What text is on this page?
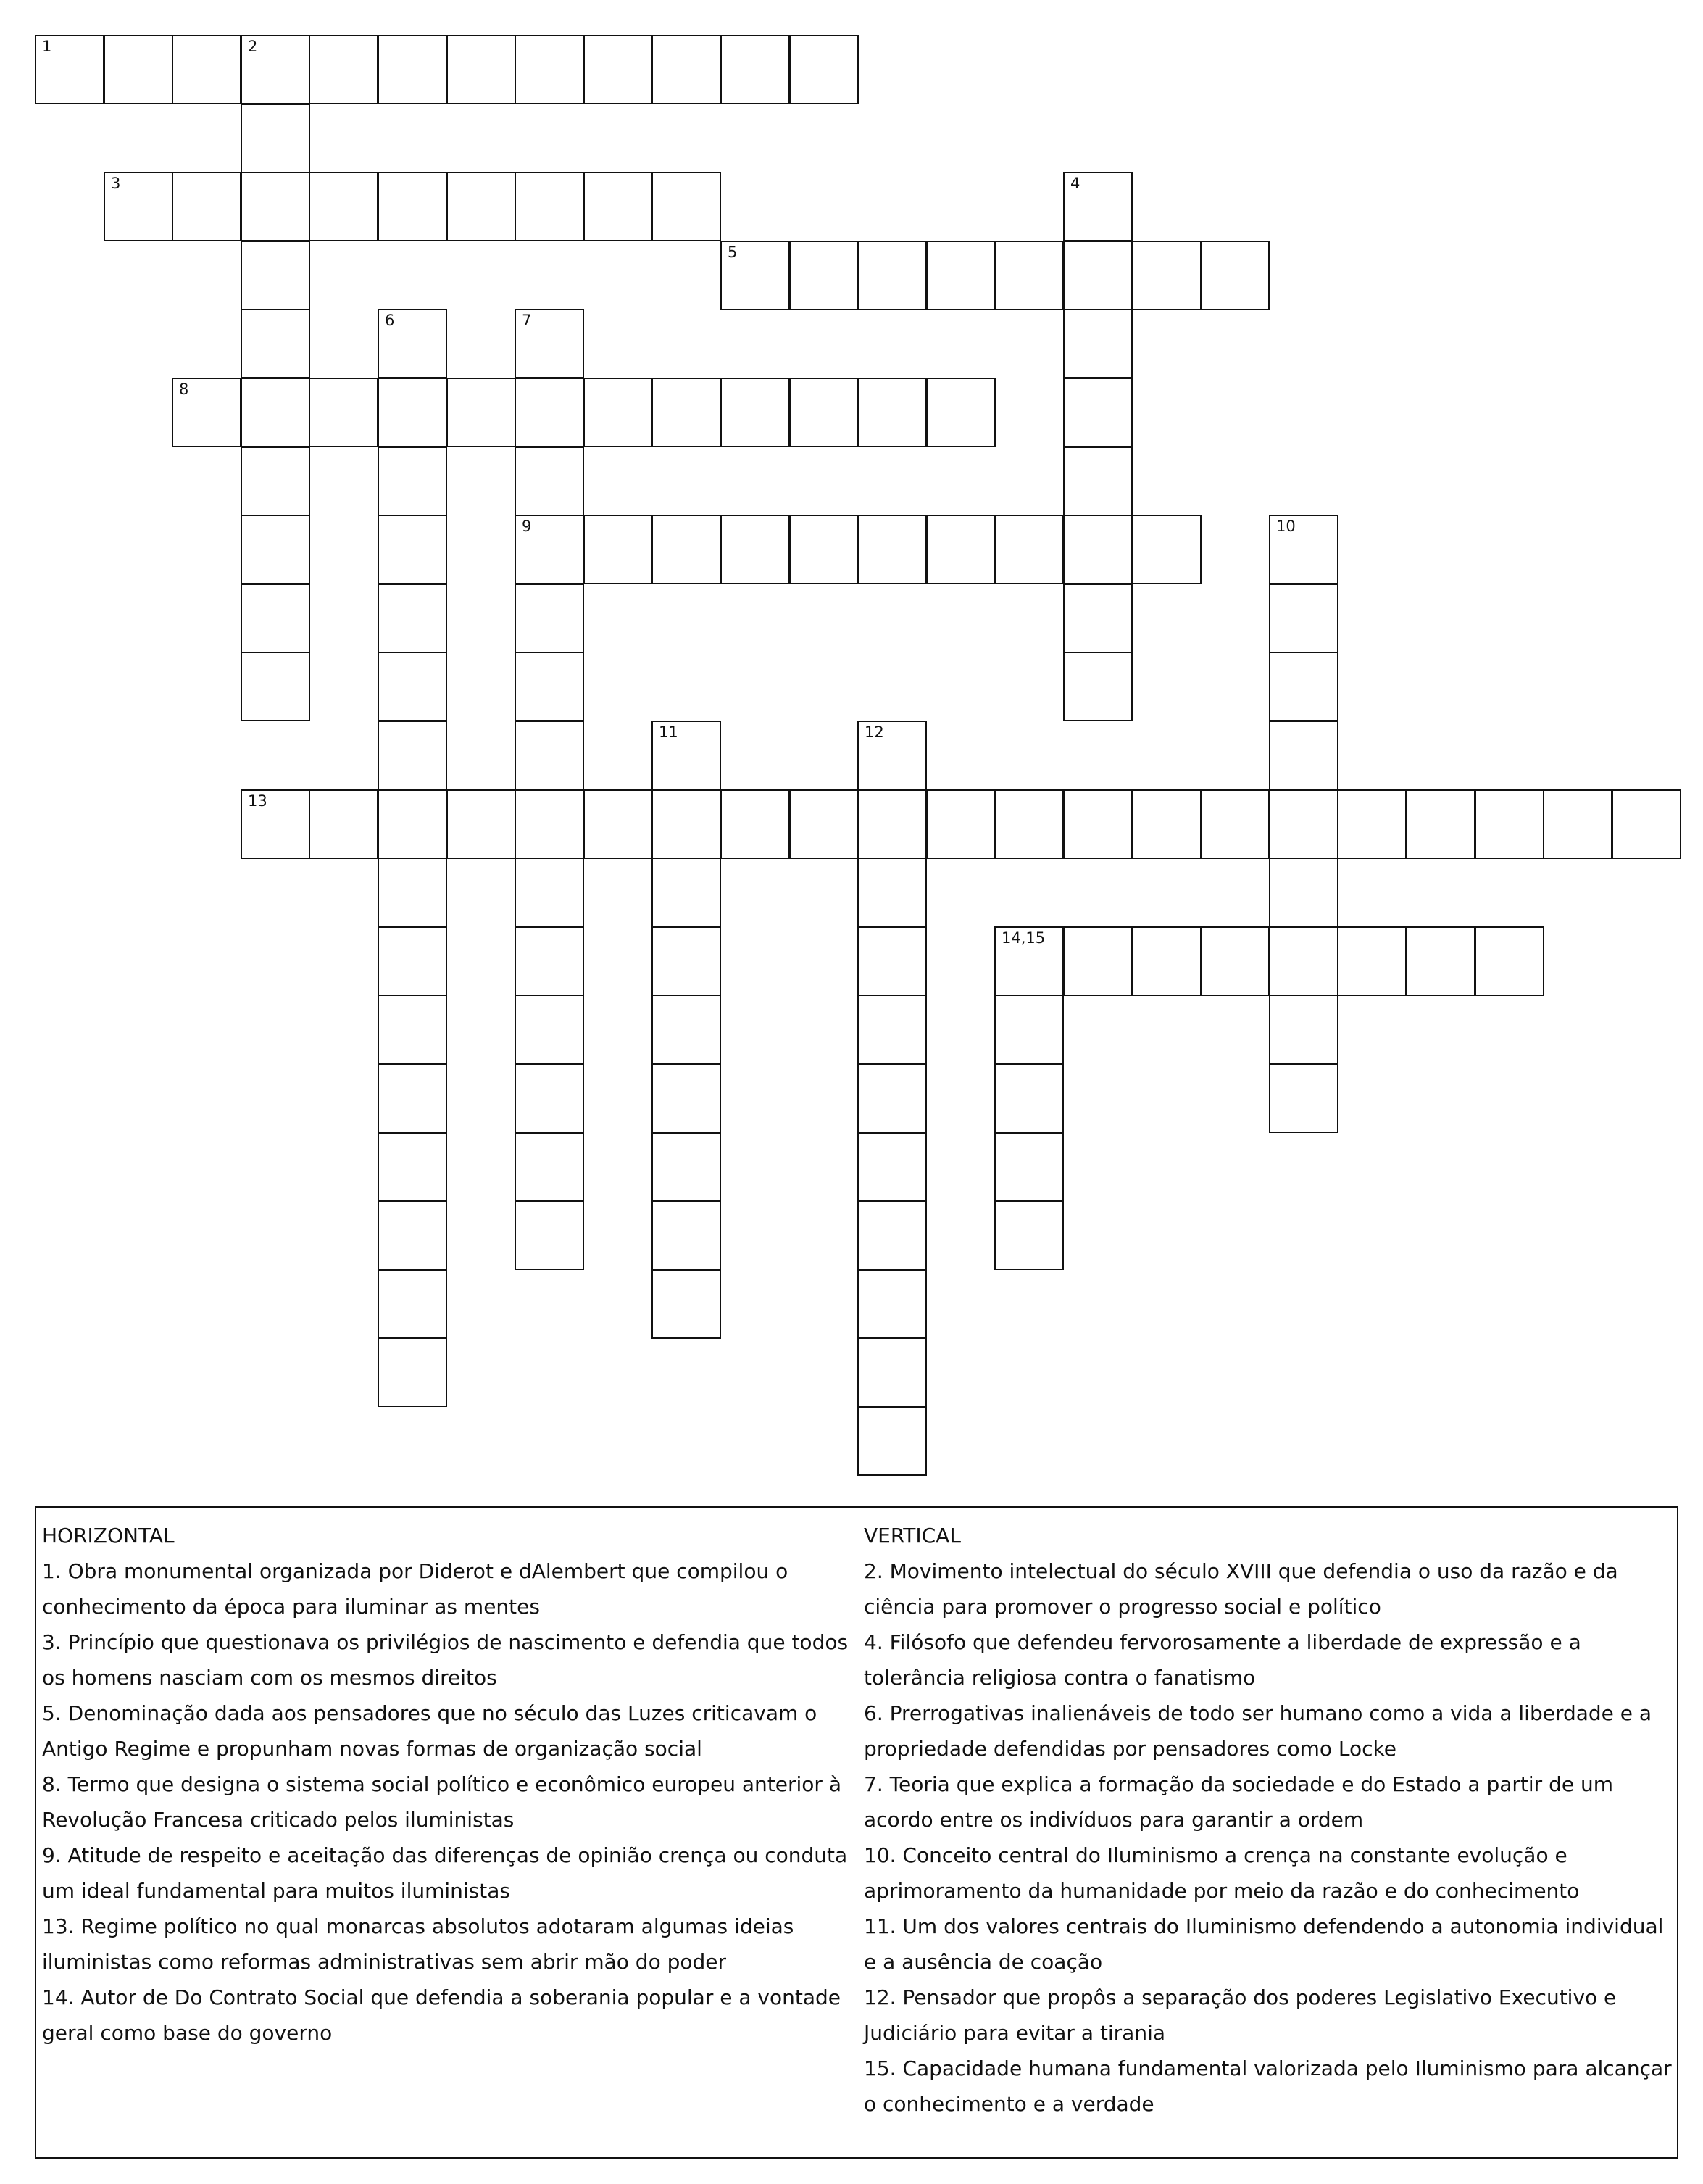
1	2
3	4
5
6	7
9
8
10
11	12
13
14,15
HORIZONTAL
1. Obra monumental organizada por Diderot e dAlembert que compilou o conhecimento da época para iluminar as mentes
3. Princípio que questionava os privilégios de nascimento e defendia que todos os homens nasciam com os mesmos direitos
5. Denominação dada aos pensadores que no século das Luzes criticavam o Antigo Regime e propunham novas formas de organização social
8. Termo que designa o sistema social político e econômico europeu anterior à Revolução Francesa criticado pelos iluministas
9. Atitude de respeito e aceitação das diferenças de opinião crença ou conduta um ideal fundamental para muitos iluministas
13. Regime político no qual monarcas absolutos adotaram algumas ideias iluministas como reformas administrativas sem abrir mão do poder
14. Autor de Do Contrato Social que defendia a soberania popular e a vontade geral como base do governo
VERTICAL
2. Movimento intelectual do século XVIII que defendia o uso da razão e da ciência para promover o progresso social e político
4. Filósofo que defendeu fervorosamente a liberdade de expressão e a tolerância religiosa contra o fanatismo
6. Prerrogativas inalienáveis de todo ser humano como a vida a liberdade e a propriedade defendidas por pensadores como Locke
7. Teoria que explica a formação da sociedade e do Estado a partir de um acordo entre os indivíduos para garantir a ordem
10. Conceito central do Iluminismo a crença na constante evolução e aprimoramento da humanidade por meio da razão e do conhecimento
11. Um dos valores centrais do Iluminismo defendendo a autonomia individual e a ausência de coação
12. Pensador que propôs a separação dos poderes Legislativo Executivo e Judiciário para evitar a tirania
15. Capacidade humana fundamental valorizada pelo Iluminismo para alcançar o conhecimento e a verdade
